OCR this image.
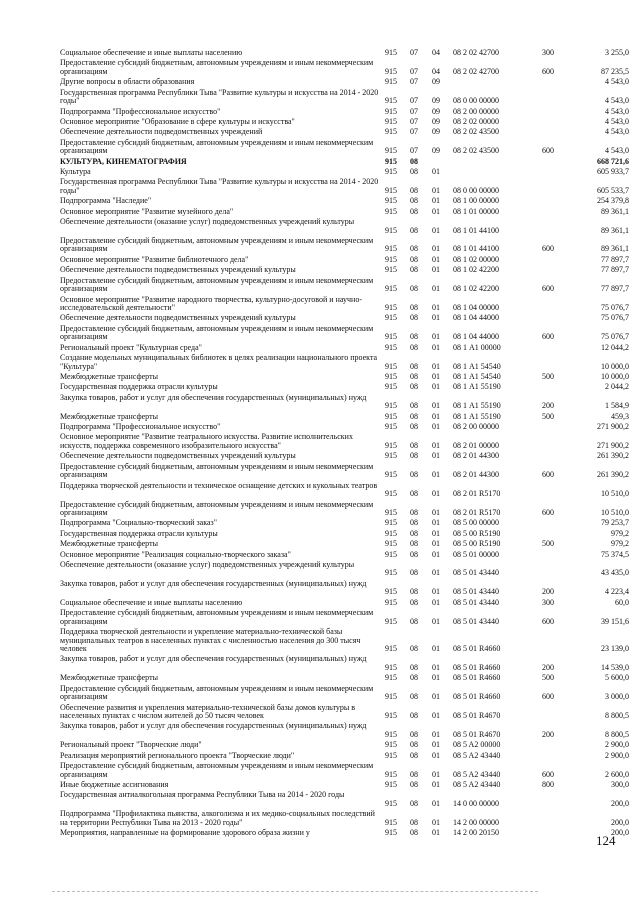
Социальное обеспечение и иные выплаты населению	915	07	04	08 2 02 42700	300	3 255,0
Предоставление субсидий бюджетным, автономным учреждениям и иным некоммерческим организациям	915	07	04	08 2 02 42700	600	87 235,5
Другие вопросы в области образования	915	07	09	4 543,0
Государственная программа Республики Тыва "Развитие культуры и искусства на 2014 - 2020 годы"	915	07	09	08 0 00 00000	4 543,0
Подпрограмма "Профессиональное искусство"	915	07	09	08 2 00 00000	4 543,0
Основное мероприятие "Образование в сфере культуры и искусства"	915	07	09	08 2 02 00000	4 543,0
Обеспечение деятельности подведомственных учреждений	915	07	09	08 2 02 43500	4 543,0
Предоставление субсидий бюджетным, автономным учреждениям и иным некоммерческим организациям	915	07	09	08 2 02 43500	600	4 543,0
КУЛЬТУРА, КИНЕМАТОГРАФИЯ	915	08	668 721,6
Культура	915	08	01	605 933,7
Государственная программа Республики Тыва "Развитие культуры и искусства на 2014 - 2020 годы"	915	08	01	08 0 00 00000	605 533,7
Подпрограмма "Наследие"	915	08	01	08 1 00 00000	254 379,8
Основное мероприятие "Развитие музейного дела"	915	08	01	08 1 01 00000	89 361,1
Обеспечение деятельности (оказание услуг) подведомственных учреждений культуры
915	08	01	08 1 01 44100	89 361,1
Предоставление субсидий бюджетным, автономным учреждениям и иным некоммерческим организациям	915	08	01	08 1 01 44100	600	89 361,1
Основное мероприятие "Развитие библиотечного дела"	915	08	01	08 1 02 00000	77 897,7
Обеспечение деятельности подведомственных учреждений культуры	915	08	01	08 1 02 42200	77 897,7
Предоставление субсидий бюджетным, автономным учреждениям и иным некоммерческим организациям	915	08	01	08 1 02 42200	600	77 897,7
Основное мероприятие "Развитие народного творчества, культурно-досуговой и научно-исследовательской деятельности"	915	08	01	08 1 04 00000	75 076,7
Обеспечение деятельности подведомственных учреждений культуры	915	08	01	08 1 04 44000	75 076,7
Предоставление субсидий бюджетным, автономным учреждениям и иным некоммерческим организациям	915	08	01	08 1 04 44000	600	75 076,7
Региональный проект "Культурная среда"	915	08	01	08 1 А1 00000	12 044,2
Создание модельных муниципальных библиотек в целях реализации национального проекта "Культура"	915	08	01	08 1 А1 54540	10 000,0
Межбюджетные трансферты	915	08	01	08 1 А1 54540	500	10 000,0
Государственная поддержка отрасли культуры	915	08	01	08 1 А1 55190	2 044,2
Закупка товаров, работ и услуг для обеспечения государственных (муниципальных) нужд
915	08	01	08 1 А1 55190	200	1 584,9
Межбюджетные трансферты	915	08	01	08 1 А1 55190	500	459,3
Подпрограмма "Профессиональное искусство"	915	08	01	08 2 00 00000	271 900,2
Основное мероприятие "Развитие театрального искусства. Развитие исполнительских искусств, поддержка современного изобразительного искусства"	915	08	01	08 2 01 00000	271 900,2
Обеспечение деятельности подведомственных учреждений культуры	915	08	01	08 2 01 44300	261 390,2
Предоставление субсидий бюджетным, автономным учреждениям и иным некоммерческим организациям	915	08	01	08 2 01 44300	600	261 390,2
Поддержка творческой деятельности и техническое оснащение детских и кукольных театров
915	08	01	08 2 01 R5170	10 510,0
Предоставление субсидий бюджетным, автономным учреждениям и иным некоммерческим организациям	915	08	01	08 2 01 R5170	600	10 510,0
Подпрограмма "Социально-творческий заказ"	915	08	01	08 5 00 00000	79 253,7
Государственная поддержка отрасли культуры	915	08	01	08 5 00 R5190	979,2
Межбюджетные трансферты	915	08	01	08 5 00 R5190	500	979,2
Основное мероприятие "Реализация социально-творческого заказа"	915	08	01	08 5 01 00000	75 374,5
Обеспечение деятельности (оказание услуг) подведомственных учреждений культуры
915	08	01	08 5 01 43440	43 435,0
Закупка товаров, работ и услуг для обеспечения государственных (муниципальных) нужд
915	08	01	08 5 01 43440	200	4 223,4
Социальное обеспечение и иные выплаты населению	915	08	01	08 5 01 43440	300	60,0
Предоставление субсидий бюджетным, автономным учреждениям и иным некоммерческим организациям	915	08	01	08 5 01 43440	600	39 151,6
Поддержка творческой деятельности и укрепление материально-технической базы муниципальных театров в населенных пунктах с численностью населения до 300 тысяч человек	915	08	01	08 5 01 R4660	23 139,0
Закупка товаров, работ и услуг для обеспечения государственных (муниципальных) нужд
915	08	01	08 5 01 R4660	200	14 539,0
Межбюджетные трансферты	915	08	01	08 5 01 R4660	500	5 600,0
Предоставление субсидий бюджетным, автономным учреждениям и иным некоммерческим организациям	915	08	01	08 5 01 R4660	600	3 000,0
Обеспечение развития и укрепления материально-технической базы домов культуры в населенных пунктах с числом жителей до 50 тысяч человек	915	08	01	08 5 01 R4670	8 800,5
Закупка товаров, работ и услуг для обеспечения государственных (муниципальных) нужд
915	08	01	08 5 01 R4670	200	8 800,5
Региональный проект "Творческие люди"	915	08	01	08 5 A2 00000	2 900,0
Реализация мероприятий регионального проекта "Творческие люди"	915	08	01	08 5 A2 43440	2 900,0
Предоставление субсидий бюджетным, автономным учреждениям и иным некоммерческим организациям	915	08	01	08 5 A2 43440	600	2 600,0
Иные бюджетные ассигнования	915	08	01	08 5 A2 43440	800	300,0
Государственная антиалкогольная программа Республики Тыва на 2014 - 2020 годы
915	08	01	14 0 00 00000	200,0
Подпрограмма "Профилактика пьянства, алкоголизма и их медико-социальных последствий на территории Республики Тыва на 2013 - 2020 годы"	915	08	01	14 2 00 00000	200,0
Мероприятия, направленные на формирование здорового образа жизни у	915	08	01	14 2 00 20150	200,0
124
